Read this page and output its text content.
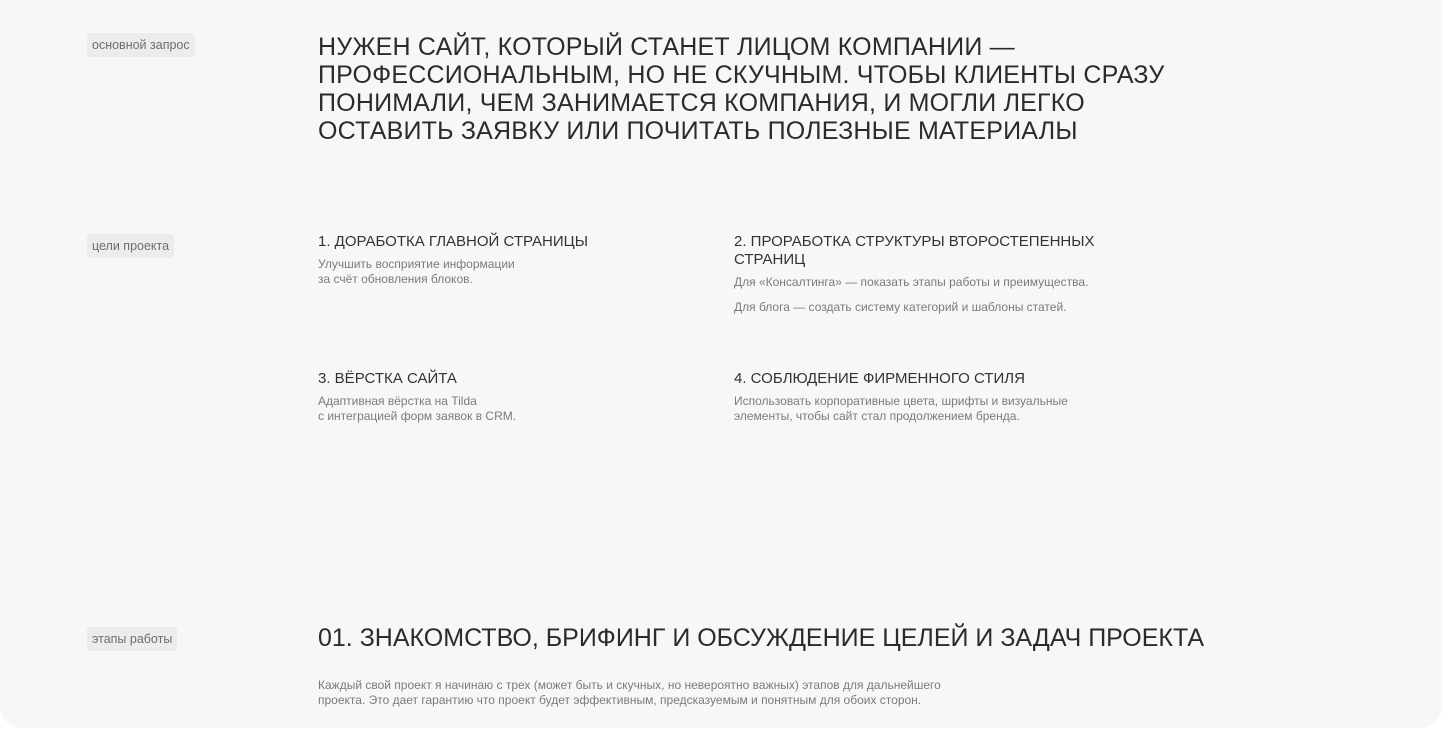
основной запрос	НУЖЕН САЙТ, КОТОРЫЙ СТАНЕТ ЛИЦОМ КОМПАНИИ —
ПРОФЕССИОНАЛЬНЫМ, НО НЕ СКУЧНЫМ. ЧТОБЫ КЛИЕНТЫ СРАЗУ
ПОНИМАЛИ, ЧЕМ ЗАНИМАЕТСЯ КОМПАНИЯ, И МОГЛИ ЛЕГКО
ОСТАВИТЬ ЗАЯВКУ ИЛИ ПОЧИТАТЬ ПОЛЕЗНЫЕ МАТЕРИАЛЫ
цели проекта	1. ДОРАБОТКА ГЛАВНОЙ СТРАНИЦЫ

Улучшить восприятие информации
за счёт обновления блоков.

2. ПРОРАБОТКА СТРУКТУРЫ ВТОРОСТЕПЕННЫХ
СТРАНИЦ

Для «Консалтинга» — показать этапы работы и преимущества.

Для блога — создать систему категорий и шаблоны статей.

3. ВЁРСТКА САЙТА

Адаптивная вёрстка на Tilda
с интеграцией форм заявок в CRM.

4. СОБЛЮДЕНИЕ ФИРМЕННОГО СТИЛЯ

Использовать корпоративные цвета, шрифты и визуальные
элементы, чтобы сайт стал продолжением бренда.

этапы работы	01. ЗНАКОМСТВО, БРИФИНГ И ОБСУЖДЕНИЕ ЦЕЛЕЙ И ЗАДАЧ ПРОЕКТА

Каждый свой проект я начинаю с трех (может быть и скучных, но невероятно важных) этапов для дальнейшего
проекта. Это дает гарантию что проект будет эффективным, предсказуемым и понятным для обоих сторон.
